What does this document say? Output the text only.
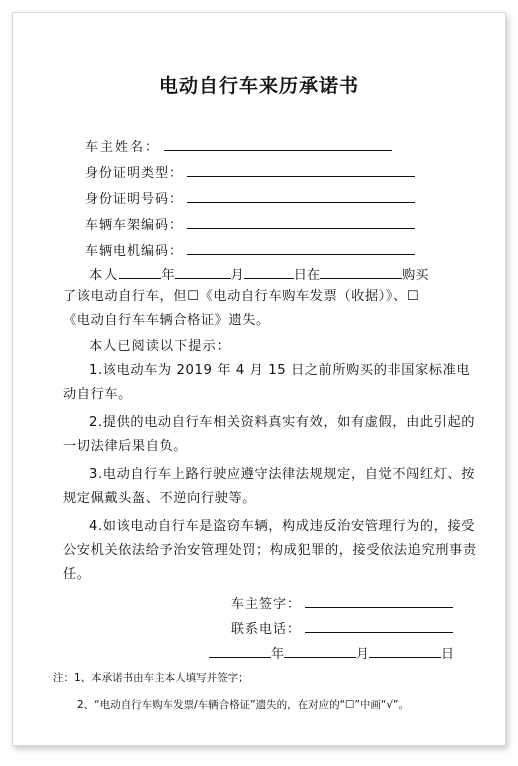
电动自行车来历承诺书
车主姓名：
身份证明类型：
身份证明号码：
车辆车架编码：
车辆电机编码：
本人	年	月	日在	购买
了该电动自行车，但☐《电动自行车购车发票（收据）》、☐
《电动自行车车辆合格证》遗失。
本人已阅读以下提示：
1.该电动车为 2019 年 4 月 15 日之前所购买的非国家标准电动自行车。
2.提供的电动自行车相关资料真实有效，如有虚假，由此引起的一切法律后果自负。
3.电动自行车上路行驶应遵守法律法规规定，自觉不闯红灯、按规定佩戴头盔、不逆向行驶等。
4.如该电动自行车是盗窃车辆，构成违反治安管理行为的，接受公安机关依法给予治安管理处罚；构成犯罪的，接受依法追究刑事责任。
车主签字：
联系电话：
年	月	日
注：1、本承诺书由车主本人填写并签字；
2、“电动自行车购车发票/车辆合格证”遗失的，在对应的“☐”中画“√”。
